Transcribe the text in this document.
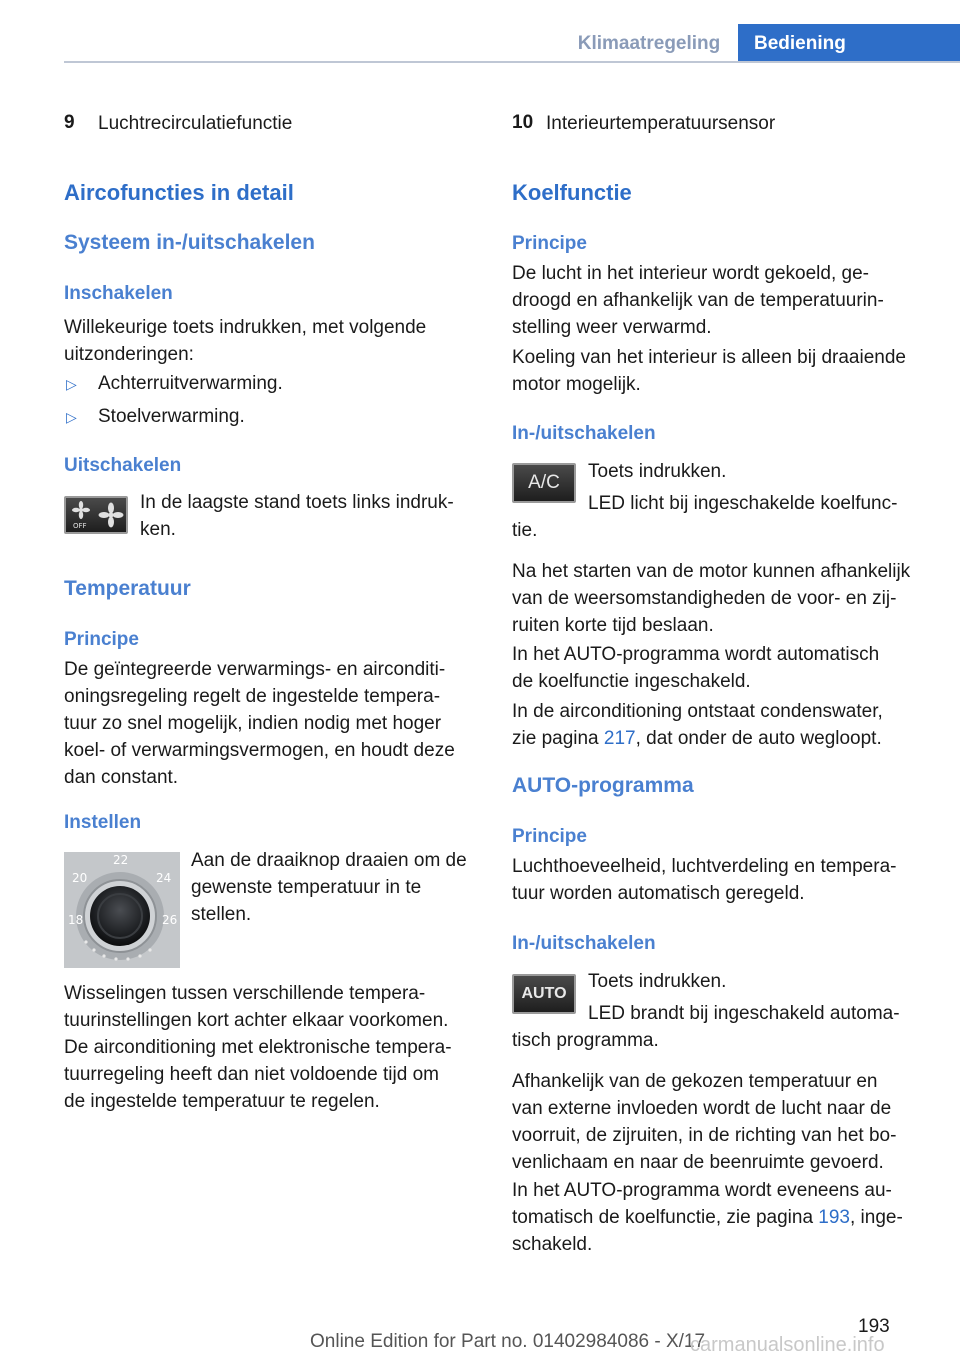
Klimaatregeling	Bediening
9 Luchtrecirculatiefunctie
Aircofuncties in detail
Systeem in-/uitschakelen
Inschakelen
Willekeurige toets indrukken, met volgende
uitzonderingen:
▷ Achterruitverwarming.
▷ Stoelverwarming.
Uitschakelen
OFF
In de laagste stand toets links indruk-
ken.
Temperatuur
Principe
De geïntegreerde verwarmings- en airconditi-
oningsregeling regelt de ingestelde tempera-
tuur zo snel mogelijk, indien nodig met hoger
koel- of verwarmingsvermogen, en houdt deze
dan constant.
Instellen
18
20
22
24
26
Aan de draaiknop draaien om de
gewenste temperatuur in te
stellen.
Wisselingen tussen verschillende tempera-
tuurinstellingen kort achter elkaar voorkomen.
De airconditioning met elektronische tempera-
tuurregeling heeft dan niet voldoende tijd om
de ingestelde temperatuur te regelen.
10 Interieurtemperatuursensor
Koelfunctie
Principe
De lucht in het interieur wordt gekoeld, ge-
droogd en afhankelijk van de temperatuurin-
stelling weer verwarmd.
Koeling van het interieur is alleen bij draaiende
motor mogelijk.
In-/uitschakelen
A/C
Toets indrukken.
LED licht bij ingeschakelde koelfunc-
tie.
Na het starten van de motor kunnen afhankelijk
van de weersomstandigheden de voor- en zij-
ruiten korte tijd beslaan.
In het AUTO-programma wordt automatisch
de koelfunctie ingeschakeld.
In de airconditioning ontstaat condenswater,
zie pagina 217, dat onder de auto wegloopt.
AUTO-programma
Principe
Luchthoeveelheid, luchtverdeling en tempera-
tuur worden automatisch geregeld.
In-/uitschakelen
AUTO
Toets indrukken.
LED brandt bij ingeschakeld automa-
tisch programma.
Afhankelijk van de gekozen temperatuur en
van externe invloeden wordt de lucht naar de
voorruit, de zijruiten, in de richting van het bo-
venlichaam en naar de beenruimte gevoerd.
In het AUTO-programma wordt eveneens au-
tomatisch de koelfunctie, zie pagina 193, inge-
schakeld.
193
Online Edition for Part no. 01402984086 - X/17
carmanualsonline.info
